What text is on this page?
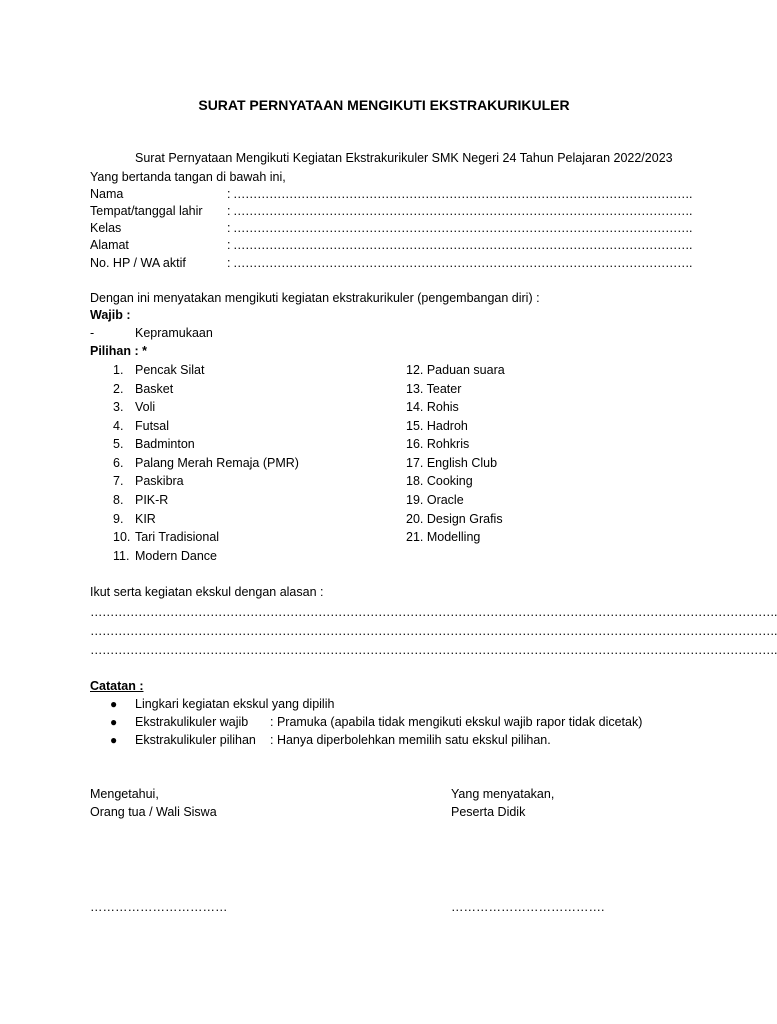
SURAT PERNYATAAN MENGIKUTI EKSTRAKURIKULER
Surat Pernyataan Mengikuti Kegiatan Ekstrakurikuler SMK Negeri 24 Tahun Pelajaran 2022/2023
Yang bertanda tangan di bawah ini,
Nama	: …………………………………………………………………………………………………….
Tempat/tanggal lahir : …………………………………………………………………………………………………….
Kelas	: …………………………………………………………………………………………………….
Alamat	: …………………………………………………………………………………………………….
No. HP / WA aktif	: …………………………………………………………………………………………………….
Dengan ini menyatakan mengikuti kegiatan ekstrakurikuler (pengembangan diri) :
Wajib :
-	Kepramukaan
Pilihan : *
1. Pencak Silat
2. Basket
3. Voli
4. Futsal
5. Badminton
6. Palang Merah Remaja (PMR)
7. Paskibra
8. PIK-R
9. KIR
10. Tari Tradisional
11. Modern Dance
12. Paduan suara
13. Teater
14. Rohis
15. Hadroh
16. Rohkris
17. English Club
18. Cooking
19. Oracle
20. Design Grafis
21. Modelling
Ikut serta kegiatan ekskul dengan alasan :
……………………………………………………………………………………………………………………………………………………….
……………………………………………………………………………………………………………………………………………………….
……………………………………………………………………………………………………………………………………………………….
Catatan :
● Lingkari kegiatan ekskul yang dipilih
● Ekstrakulikuler wajib : Pramuka (apabila tidak mengikuti ekskul wajib rapor tidak dicetak)
● Ekstrakulikuler pilihan : Hanya diperbolehkan memilih satu ekskul pilihan.
Mengetahui,
Orang tua / Wali Siswa
……………………………
Yang menyatakan,
Peserta Didik
……………………………….
